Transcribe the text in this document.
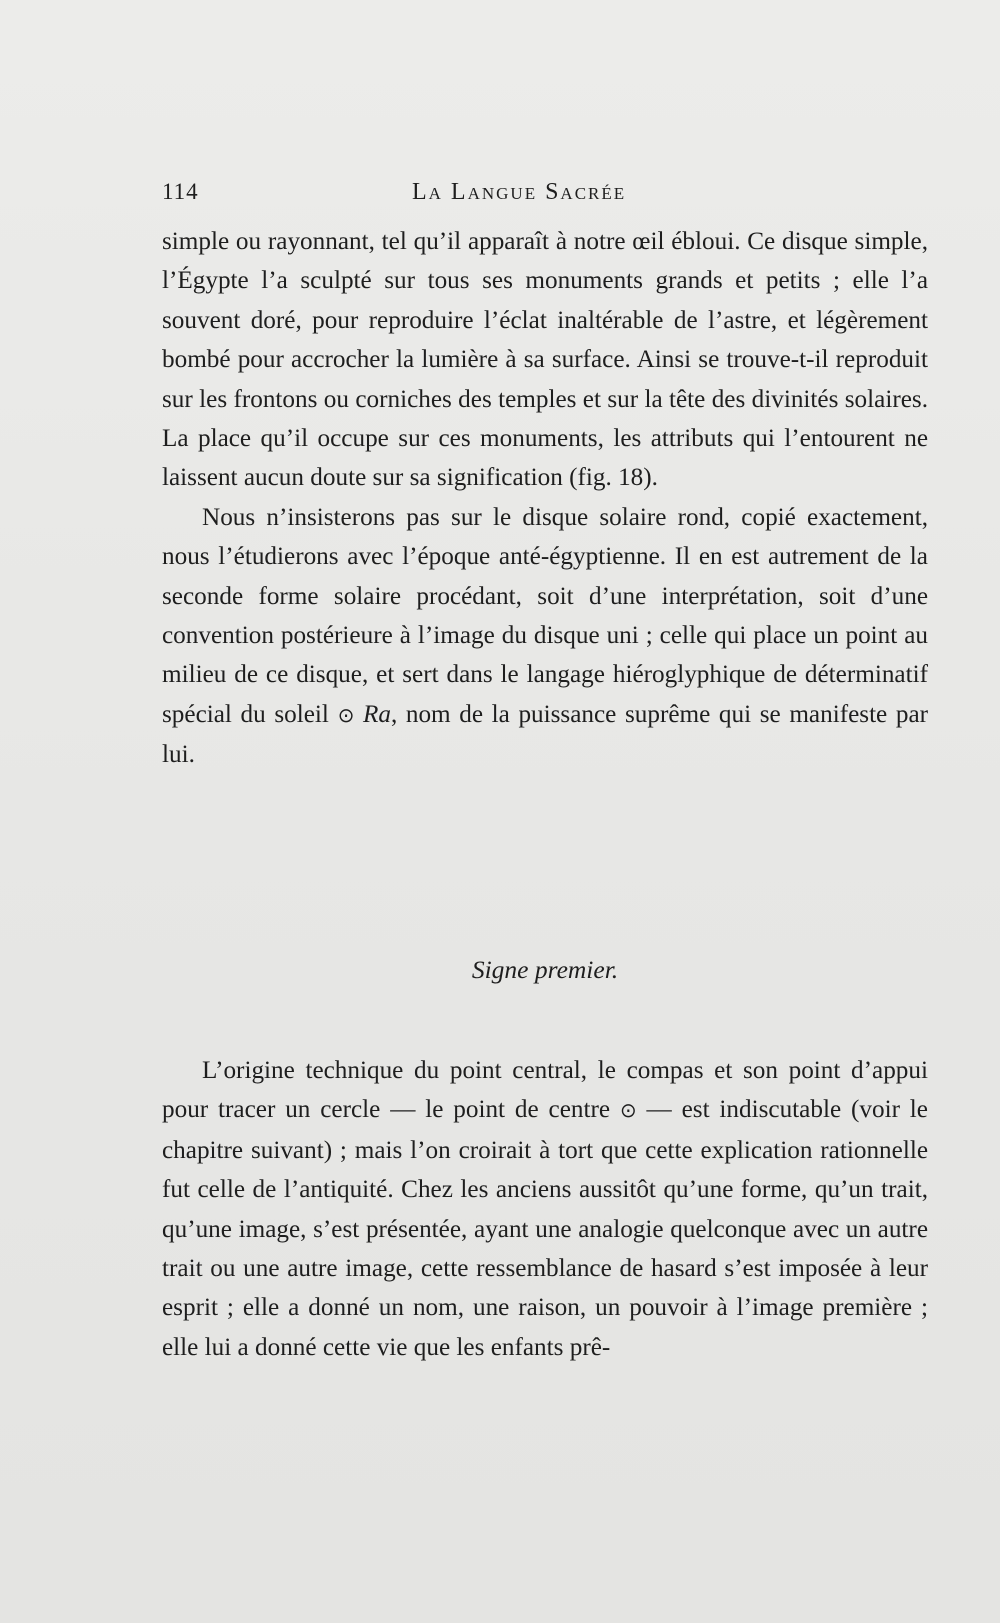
114	La Langue Sacrée

simple ou rayonnant, tel qu’il apparaît à notre œil ébloui. Ce disque simple, l’Égypte l’a sculpté sur tous ses monuments grands et petits ; elle l’a souvent doré, pour reproduire l’éclat inaltérable de l’astre, et légèrement bombé pour accrocher la lumière à sa surface. Ainsi se trouve-t-il reproduit sur les frontons ou corniches des temples et sur la tête des divinités solaires. La place qu’il occupe sur ces monuments, les attributs qui l’entourent ne laissent aucun doute sur sa signification (fig. 18).

Nous n’insisterons pas sur le disque solaire rond, copié exactement, nous l’étudierons avec l’époque anté-égyptienne. Il en est autrement de la seconde forme solaire procédant, soit d’une interprétation, soit d’une convention postérieure à l’image du disque uni ; celle qui place un point au milieu de ce disque, et sert dans le langage hiéroglyphique de déterminatif spécial du soleil ⊙ Ra, nom de la puissance suprême qui se manifeste par lui.

Signe premier.

L’origine technique du point central, le compas et son point d’appui pour tracer un cercle — le point de centre ⊙ — est indiscutable (voir le chapitre suivant) ; mais l’on croirait à tort que cette explication rationnelle fut celle de l’antiquité. Chez les anciens aussitôt qu’une forme, qu’un trait, qu’une image, s’est présentée, ayant une analogie quelconque avec un autre trait ou une autre image, cette ressemblance de hasard s’est imposée à leur esprit ; elle a donné un nom, une raison, un pouvoir à l’image première ; elle lui a donné cette vie que les enfants prê-
